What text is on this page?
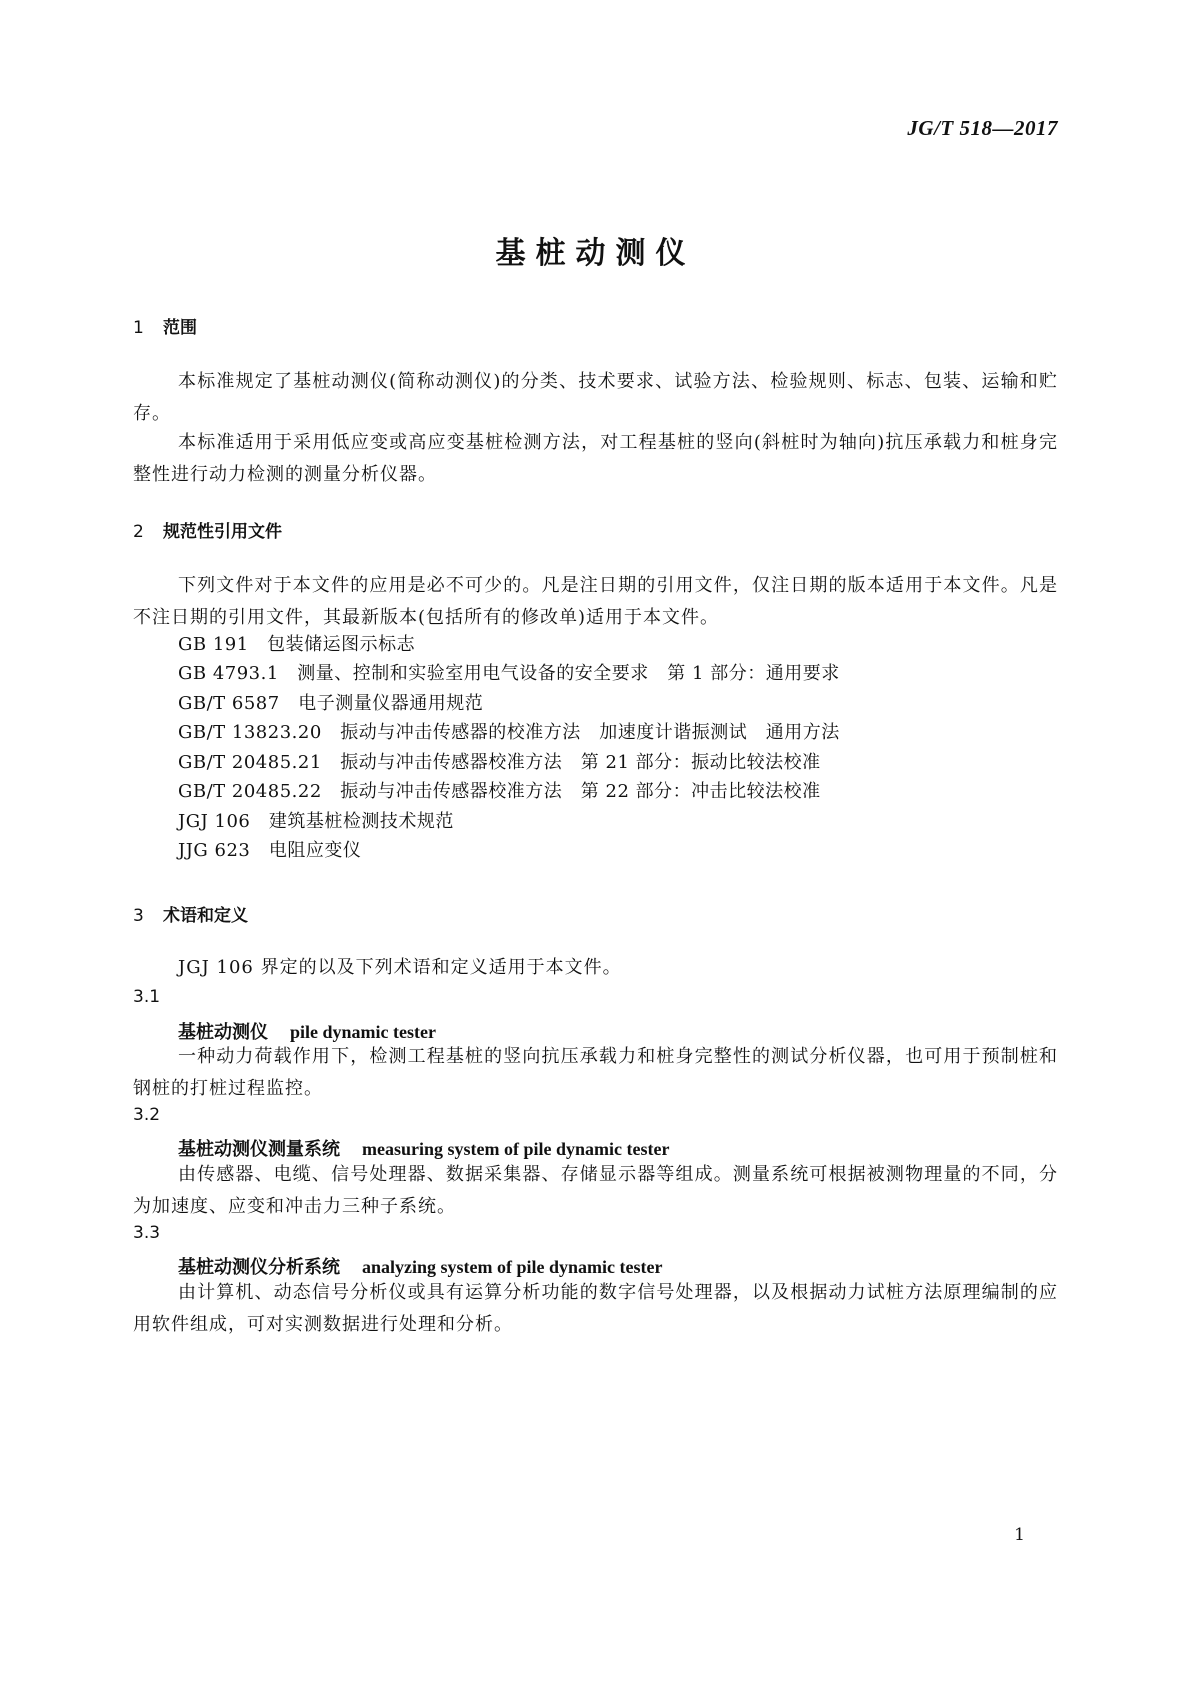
JG/T 518—2017
基桩动测仪
1 范围
本标准规定了基桩动测仪(简称动测仪)的分类、技术要求、试验方法、检验规则、标志、包装、运输和贮存。
本标准适用于采用低应变或高应变基桩检测方法，对工程基桩的竖向(斜桩时为轴向)抗压承载力和桩身完整性进行动力检测的测量分析仪器。
2 规范性引用文件
下列文件对于本文件的应用是必不可少的。凡是注日期的引用文件，仅注日期的版本适用于本文件。凡是不注日期的引用文件，其最新版本(包括所有的修改单)适用于本文件。
GB 191　包装储运图示标志
GB 4793.1　测量、控制和实验室用电气设备的安全要求　第 1 部分：通用要求
GB/T 6587　电子测量仪器通用规范
GB/T 13823.20　振动与冲击传感器的校准方法　加速度计谐振测试　通用方法
GB/T 20485.21　振动与冲击传感器校准方法　第 21 部分：振动比较法校准
GB/T 20485.22　振动与冲击传感器校准方法　第 22 部分：冲击比较法校准
JGJ 106　建筑基桩检测技术规范
JJG 623　电阻应变仪
3 术语和定义
JGJ 106 界定的以及下列术语和定义适用于本文件。
3.1
基桩动测仪 pile dynamic tester
一种动力荷载作用下，检测工程基桩的竖向抗压承载力和桩身完整性的测试分析仪器，也可用于预制桩和钢桩的打桩过程监控。
3.2
基桩动测仪测量系统 measuring system of pile dynamic tester
由传感器、电缆、信号处理器、数据采集器、存储显示器等组成。测量系统可根据被测物理量的不同，分为加速度、应变和冲击力三种子系统。
3.3
基桩动测仪分析系统 analyzing system of pile dynamic tester
由计算机、动态信号分析仪或具有运算分析功能的数字信号处理器，以及根据动力试桩方法原理编制的应用软件组成，可对实测数据进行处理和分析。
1
